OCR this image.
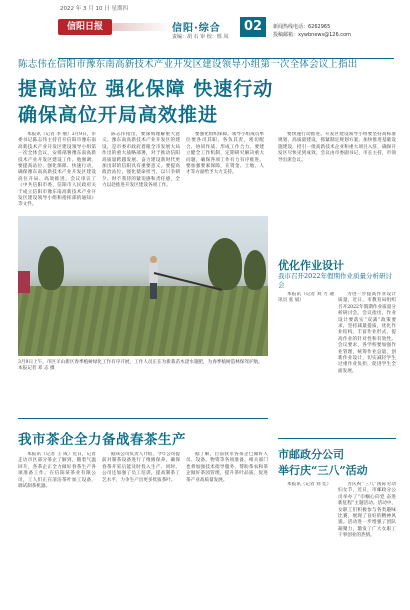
2022 年 3 月 10 日 星期四
信阳日报	信阳·综合
责编：胡 石 审 校：邢 凤
02	新闻热线电话：6262965
投稿邮箱：xywbnews@126.com
陈志伟在信阳市豫东南高新技术产业开发区建设领导小组第一次全体会议上指出
提高站位 强化保障 快速行动
确保高位开局高效推进

本报讯（记者 李 丽）3月9日，市委书记陈志伟主持召开信阳市豫东南高新技术产业开发区建设领导小组第一次全体会议，安排部署豫东南高新技术产业开发区建设工作。他强调，要提高站位、强化保障、快速行动，确保豫东南高新技术产业开发区建设高位开局、高效推进。会议审议了《中共信阳市委、信阳市人民政府关于成立信阳市豫东南高新技术产业开发区建设领导小组和指挥部的通知》等文件。

陈志伟指出，要深刻理解重大意义。豫东南高新技术产业开发区的建设，是市委市政府着眼全市发展大局作出的重大战略部署，对于推动信阳高质量跨越发展、奋力建设新时代更加出彩的信阳具有重要意义。要提高政治站位，强化使命担当，以只争朝夕、时不我待的紧迫感和责任感，全力以赴推进开发区建设各项工作。

要强化组织保障。领导小组成员单位要各司其职、各负其责，密切配合、协同作战，形成工作合力。要建立健全工作机制，定期研究解决重大问题，确保各项工作有力有序推进。要加强要素保障，在资金、土地、人才等方面给予大力支持。

要快速行动推进。开发区建设领导小组要坚持高标准规划、高质量建设，抓紧制定规划方案，加快推进基础设施建设，招引一批高新技术企业和重大项目入驻，确保开发区尽快见到成效。会议由市委副书记、市长主持，市领导出席会议。

3月9日上午，市区羊山新区春季植树绿化工作有序开展，工作人员正在为新栽苗木浇水施肥，为春季植树造林保驾护航。 本报记者 邓 志 摄
优化作业设计
我市召开2022年假期作业质量分析研讨会

本报讯（记者 刘 力 通讯员 张 斌）

为进一步提高作业设计质量，近日，市教育局组织召开2022年假期作业质量分析研讨会。会议指出，作业设计要落实“双减”政策要求，坚持减量提质，优化作业结构，丰富作业形式，提高作业的针对性和有效性。会议要求，各学校要加强作业管理，统筹作业总量，创新作业设计，切实减轻学生过重作业负担，促进学生全面发展。

我市茶企全力备战春茶生产

本报讯（记者 王 成）近日，记者走访市区部分茶企了解到，随着气温回升，各茶企正全力做好春茶生产各项准备工作。在信阳某茶业有限公司，工人们正在清洁茶叶加工设备，调试制茶机器。

据该公司负责人介绍，今年公司提前对制茶设备进行了维修保养，确保春茶开采后能及时投入生产。同时，公司还加强了员工培训，提高制茶工艺水平，力争生产出更多优质茶叶。

据了解，目前我市各茶企已做好人员、设备、物资等各项准备。相关部门也将加强技术指导服务，帮助茶农和茶企做好茶园管理，提升茶叶品质，促进茶产业高质量发展。

市邮政分公司
举行庆“三八”活动

本报讯（记者 刘 佳）	为庆祝“三八”国际劳动妇女节，近日，市邮政分公司举办了“巾帼心向党 奋进新征程”主题活动。活动中，女职工们积极参与各类趣味比赛，展现了良好的精神风貌。活动进一步增强了团队凝聚力，激发了广大女职工干事创业的热情。
